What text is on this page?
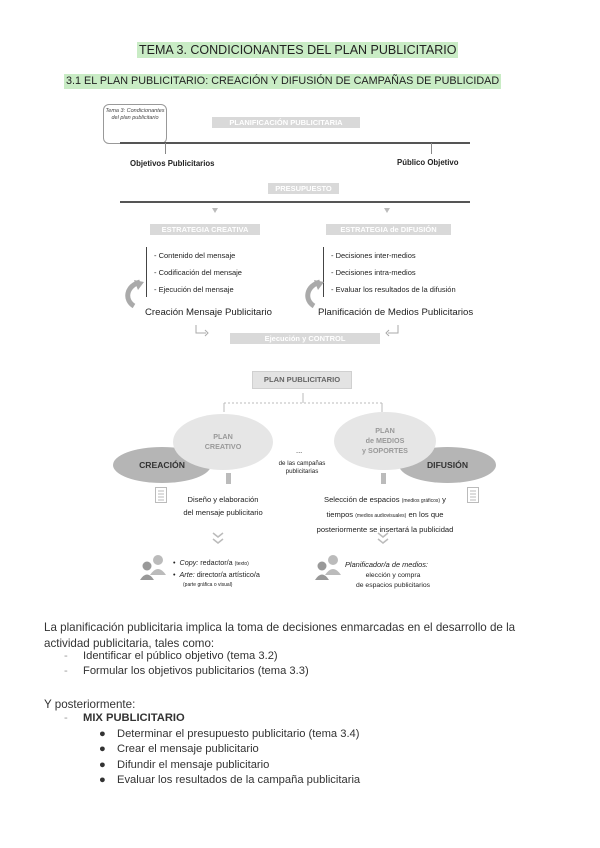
TEMA 3. CONDICIONANTES DEL PLAN PUBLICITARIO
3.1 EL PLAN PUBLICITARIO: CREACIÓN Y DIFUSIÓN DE CAMPAÑAS DE PUBLICIDAD
Tema 3: Condicionantes del plan publicitario	PLANIFICACIÓN PUBLICITARIA
Objetivos Publicitarios	Público Objetivo
PRESUPUESTO
ESTRATEGIA CREATIVA	ESTRATEGIA de DIFUSIÓN
- Contenido del mensaje
- Codificación del mensaje
- Ejecución del mensaje
- Decisiones inter-medios
- Decisiones intra-medios
- Evaluar los resultados de la difusión
Creación Mensaje Publicitario	Planificación de Medios Publicitarios
Ejecución y CONTROL
PLAN PUBLICITARIO
CREACIÓN
PLAN
CREATIVO
DIFUSIÓN
PLAN
de MEDIOS
y SOPORTES
...
de las campañas
publicitarias
Diseño y elaboración
del mensaje publicitario
Selección de espacios (medios gráficos) y
tiempos (medios audiovisuales) en los que
posteriormente se insertará la publicidad
•  Copy: redactor/a (texto)
•  Arte: director/a artístico/a
(parte gráfica o visual)
Planificador/a de medios:
elección y compra
de espacios publicitarios
La planificación publicitaria implica la toma de decisiones enmarcadas en el desarrollo de la actividad publicitaria, tales como:
- Identificar el público objetivo (tema 3.2)
- Formular los objetivos publicitarios (tema 3.3)
Y posteriormente:
- MIX PUBLICITARIO
● Determinar el presupuesto publicitario (tema 3.4)
● Crear el mensaje publicitario
● Difundir el mensaje publicitario
● Evaluar los resultados de la campaña publicitaria
